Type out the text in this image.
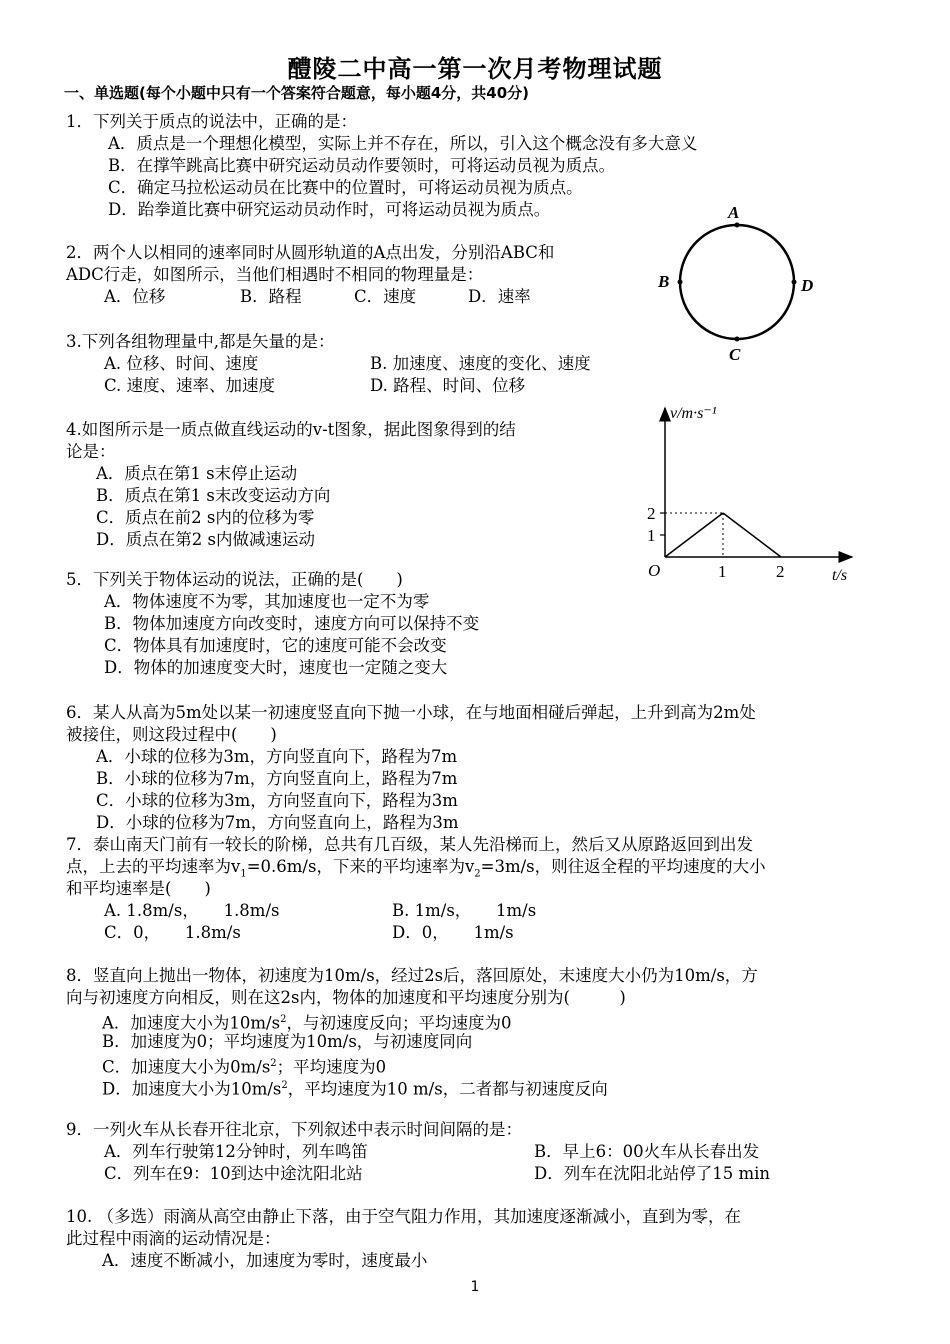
醴陵二中高一第一次月考物理试题
一、单选题(每个小题中只有一个答案符合题意，每小题4分，共40分)
1．下列关于质点的说法中，正确的是：
A．质点是一个理想化模型，实际上并不存在，所以，引入这个概念没有多大意义
B．在撑竿跳高比赛中研究运动员动作要领时，可将运动员视为质点。
C．确定马拉松运动员在比赛中的位置时，可将运动员视为质点。
D．跆拳道比赛中研究运动员动作时，可将运动员视为质点。
2．两个人以相同的速率同时从圆形轨道的A点出发，分别沿ABC和
ADC行走，如图所示，当他们相遇时不相同的物理量是：
A．位移	B．路程	C．速度	D．速率
A
B
C
D
3.下列各组物理量中,都是矢量的是：
A. 位移、时间、速度	B. 加速度、速度的变化、速度
C. 速度、速率、加速度	D. 路程、时间、位移
4.如图所示是一质点做直线运动的v-t图象，据此图象得到的结
论是：
A．质点在第1 s末停止运动
B．质点在第1 s末改变运动方向
C．质点在前2 s内的位移为零
D．质点在第2 s内做减速运动
v/m·s⁻¹
t/s
O
1
2
1	2
5．下列关于物体运动的说法，正确的是(　　)
A．物体速度不为零，其加速度也一定不为零
B．物体加速度方向改变时，速度方向可以保持不变
C．物体具有加速度时，它的速度可能不会改变
D．物体的加速度变大时，速度也一定随之变大
6．某人从高为5m处以某一初速度竖直向下抛一小球，在与地面相碰后弹起，上升到高为2m处
被接住，则这段过程中(　　)
A．小球的位移为3m，方向竖直向下，路程为7m
B．小球的位移为7m，方向竖直向上，路程为7m
C．小球的位移为3m，方向竖直向下，路程为3m
D．小球的位移为7m，方向竖直向上，路程为3m
7．泰山南天门前有一较长的阶梯，总共有几百级，某人先沿梯而上，然后又从原路返回到出发
点，上去的平均速率为$v_1=0.6m/s$，下来的平均速率为$v_2=3m/s$，则往返全程的平均速度的大小
和平均速率是(　　)
A. 1.8m/s，　　1.8m/s	B. 1m/s，　　1m/s
C．0，　　1.8m/s	D．0，　　1m/s
8．竖直向上抛出一物体，初速度为10m/s，经过2s后，落回原处，末速度大小仍为10m/s，方
向与初速度方向相反，则在这2s内，物体的加速度和平均速度分别为(　　　)
A．加速度大小为$10m/s^2$，与初速度反向；平均速度为0
B．加速度为0；平均速度为10m/s，与初速度同向
C．加速度大小为$0m/s^2$；平均速度为0
D．加速度大小为$10m/s^2$，平均速度为10 m/s，二者都与初速度反向
9．一列火车从长春开往北京，下列叙述中表示时间间隔的是：
A．列车行驶第12分钟时，列车鸣笛	B．早上6：00火车从长春出发
C．列车在9：10到达中途沈阳北站	D．列车在沈阳北站停了15 min
10. （多选）雨滴从高空由静止下落，由于空气阻力作用，其加速度逐渐减小，直到为零，在
此过程中雨滴的运动情况是：
A．速度不断减小，加速度为零时，速度最小
1
